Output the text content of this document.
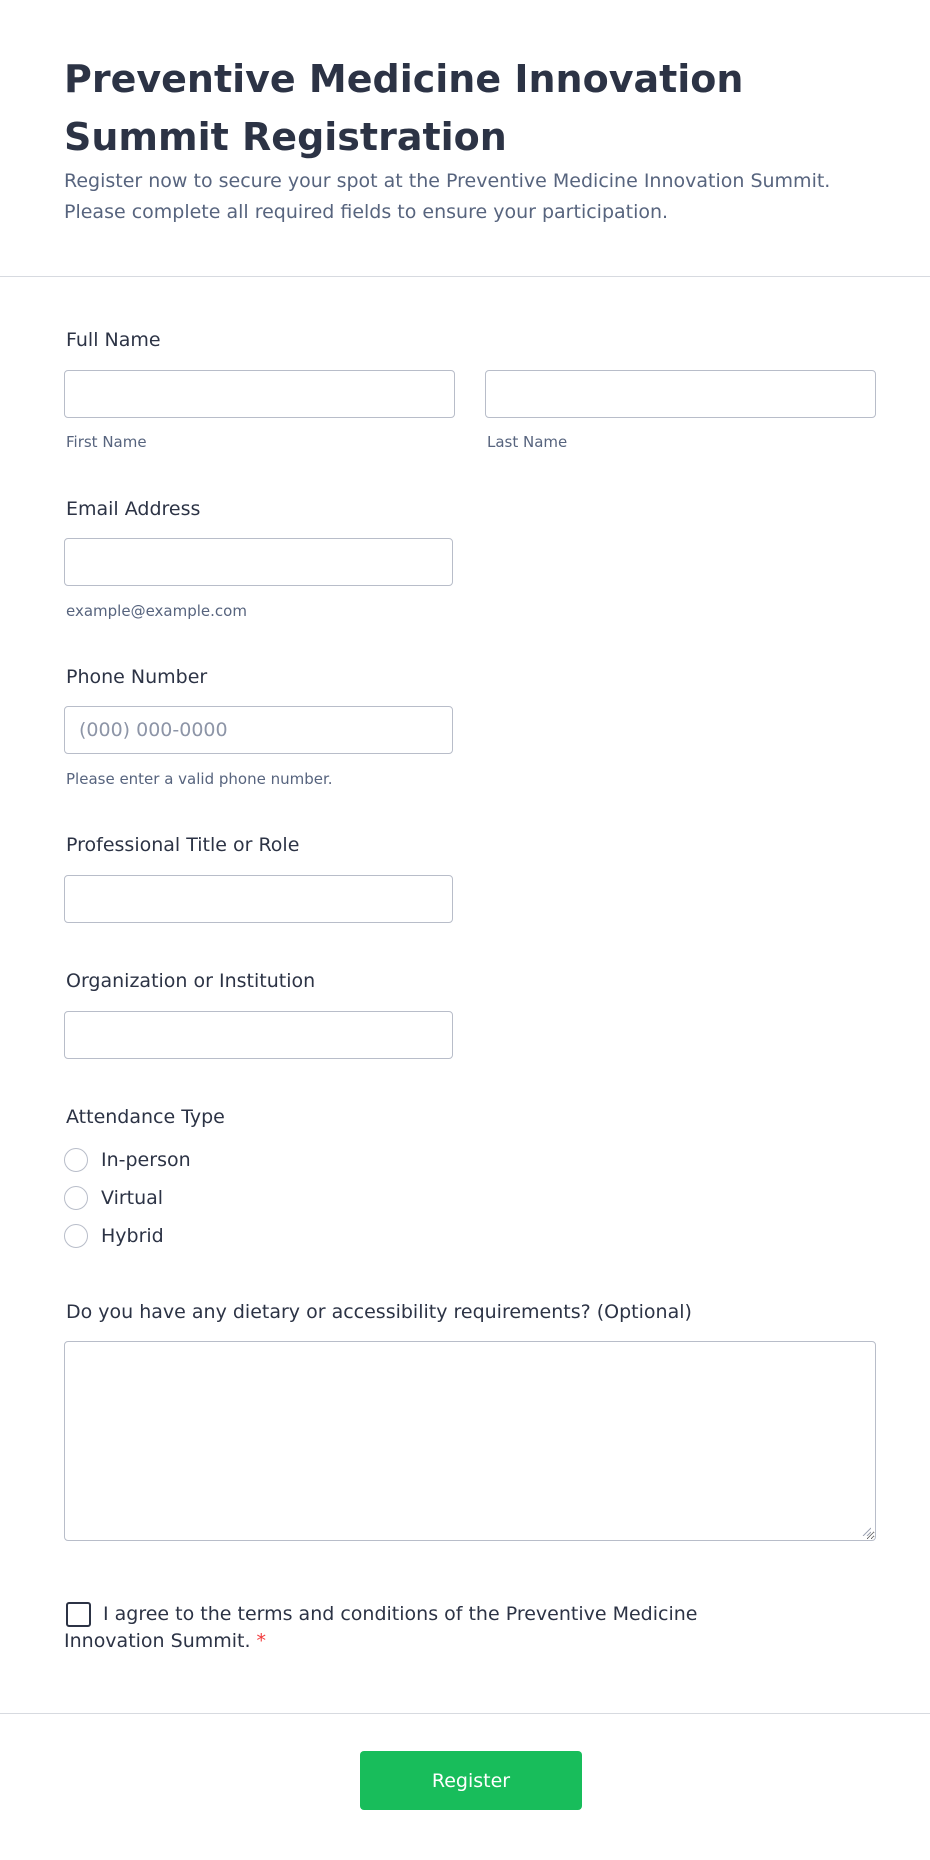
Preventive Medicine Innovation Summit Registration

Register now to secure your spot at the Preventive Medicine Innovation Summit. Please complete all required fields to ensure your participation.

Full Name
First Name	Last Name
Email Address
example@example.com
Phone Number
(000) 000-0000
Please enter a valid phone number.
Professional Title or Role
Organization or Institution
Attendance Type
In-person
Virtual
Hybrid
Do you have any dietary or accessibility requirements? (Optional)
I agree to the terms and conditions of the Preventive Medicine Innovation Summit. *
Register
